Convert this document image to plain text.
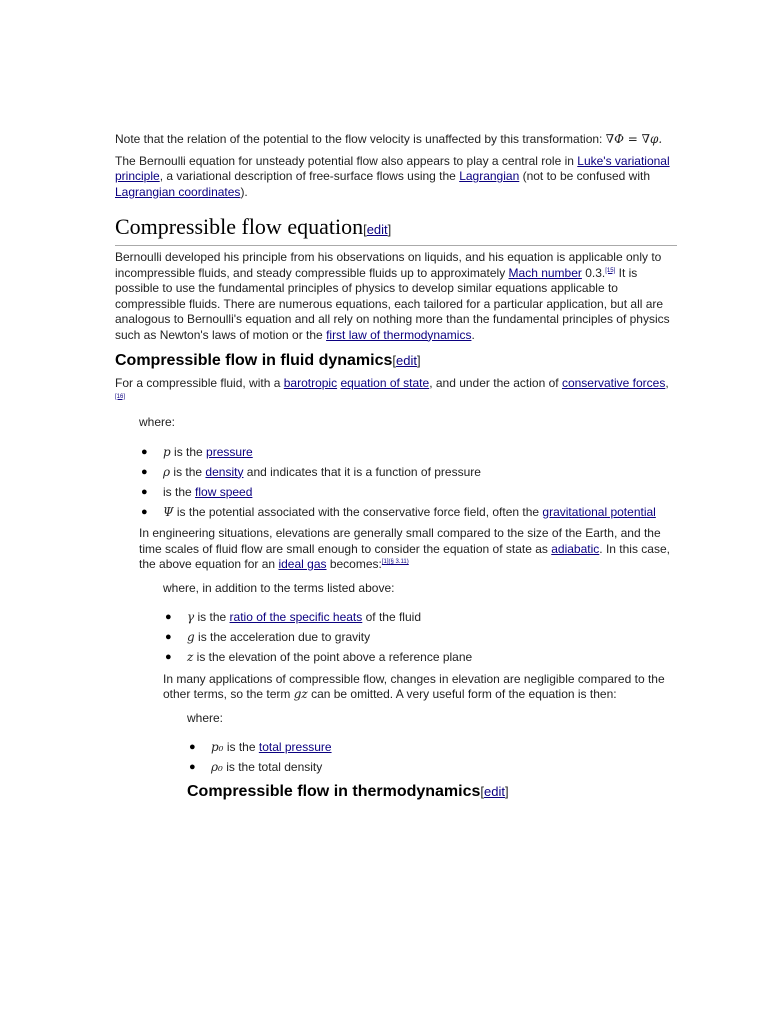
Note that the relation of the potential to the flow velocity is unaffected by this transformation: ∇Φ = ∇φ.

The Bernoulli equation for unsteady potential flow also appears to play a central role in Luke's variational principle, a variational description of free-surface flows using the Lagrangian (not to be confused with Lagrangian coordinates).

Compressible flow equation[edit]

Bernoulli developed his principle from his observations on liquids, and his equation is applicable only to incompressible fluids, and steady compressible fluids up to approximately Mach number 0.3.[15] It is possible to use the fundamental principles of physics to develop similar equations applicable to compressible fluids. There are numerous equations, each tailored for a particular application, but all are analogous to Bernoulli's equation and all rely on nothing more than the fundamental principles of physics such as Newton's laws of motion or the first law of thermodynamics.

Compressible flow in fluid dynamics[edit]

For a compressible fluid, with a barotropic equation of state, and under the action of conservative forces,[16]

where:

● p is the pressure
● ρ is the density and indicates that it is a function of pressure
● is the flow speed
● Ψ is the potential associated with the conservative force field, often the gravitational potential

In engineering situations, elevations are generally small compared to the size of the Earth, and the time scales of fluid flow are small enough to consider the equation of state as adiabatic. In this case, the above equation for an ideal gas becomes:$^{[1](\S 3.11)}$

where, in addition to the terms listed above:

● γ is the ratio of the specific heats of the fluid
● g is the acceleration due to gravity
● z is the elevation of the point above a reference plane

In many applications of compressible flow, changes in elevation are negligible compared to the other terms, so the term gz can be omitted. A very useful form of the equation is then:

where:

● p₀ is the total pressure
● ρ₀ is the total density
Compressible flow in thermodynamics[edit]
